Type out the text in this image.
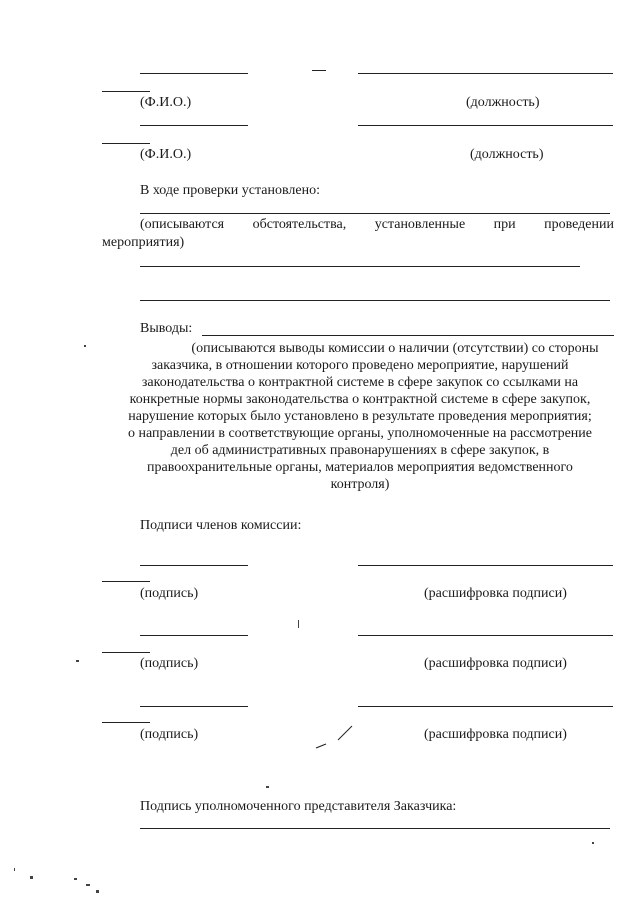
(Ф.И.О.)	(должность)
(Ф.И.О.)	(должность)
В ходе проверки установлено:
(описываются обстоятельства, установленные при проведении
мероприятия)
Выводы:
(описываются выводы комиссии о наличии (отсутствии) со стороны
заказчика, в отношении которого проведено мероприятие, нарушений
законодательства о контрактной системе в сфере закупок со ссылками на
конкретные нормы законодательства о контрактной системе в сфере закупок,
нарушение которых было установлено в результате проведения мероприятия;
о направлении в соответствующие органы, уполномоченные на рассмотрение
дел об административных правонарушениях в сфере закупок, в
правоохранительные органы, материалов мероприятия ведомственного
контроля)
Подписи членов комиссии:
(подпись)	(расшифровка подписи)
(подпись)	(расшифровка подписи)
(подпись)	(расшифровка подписи)
Подпись уполномоченного представителя Заказчика:
